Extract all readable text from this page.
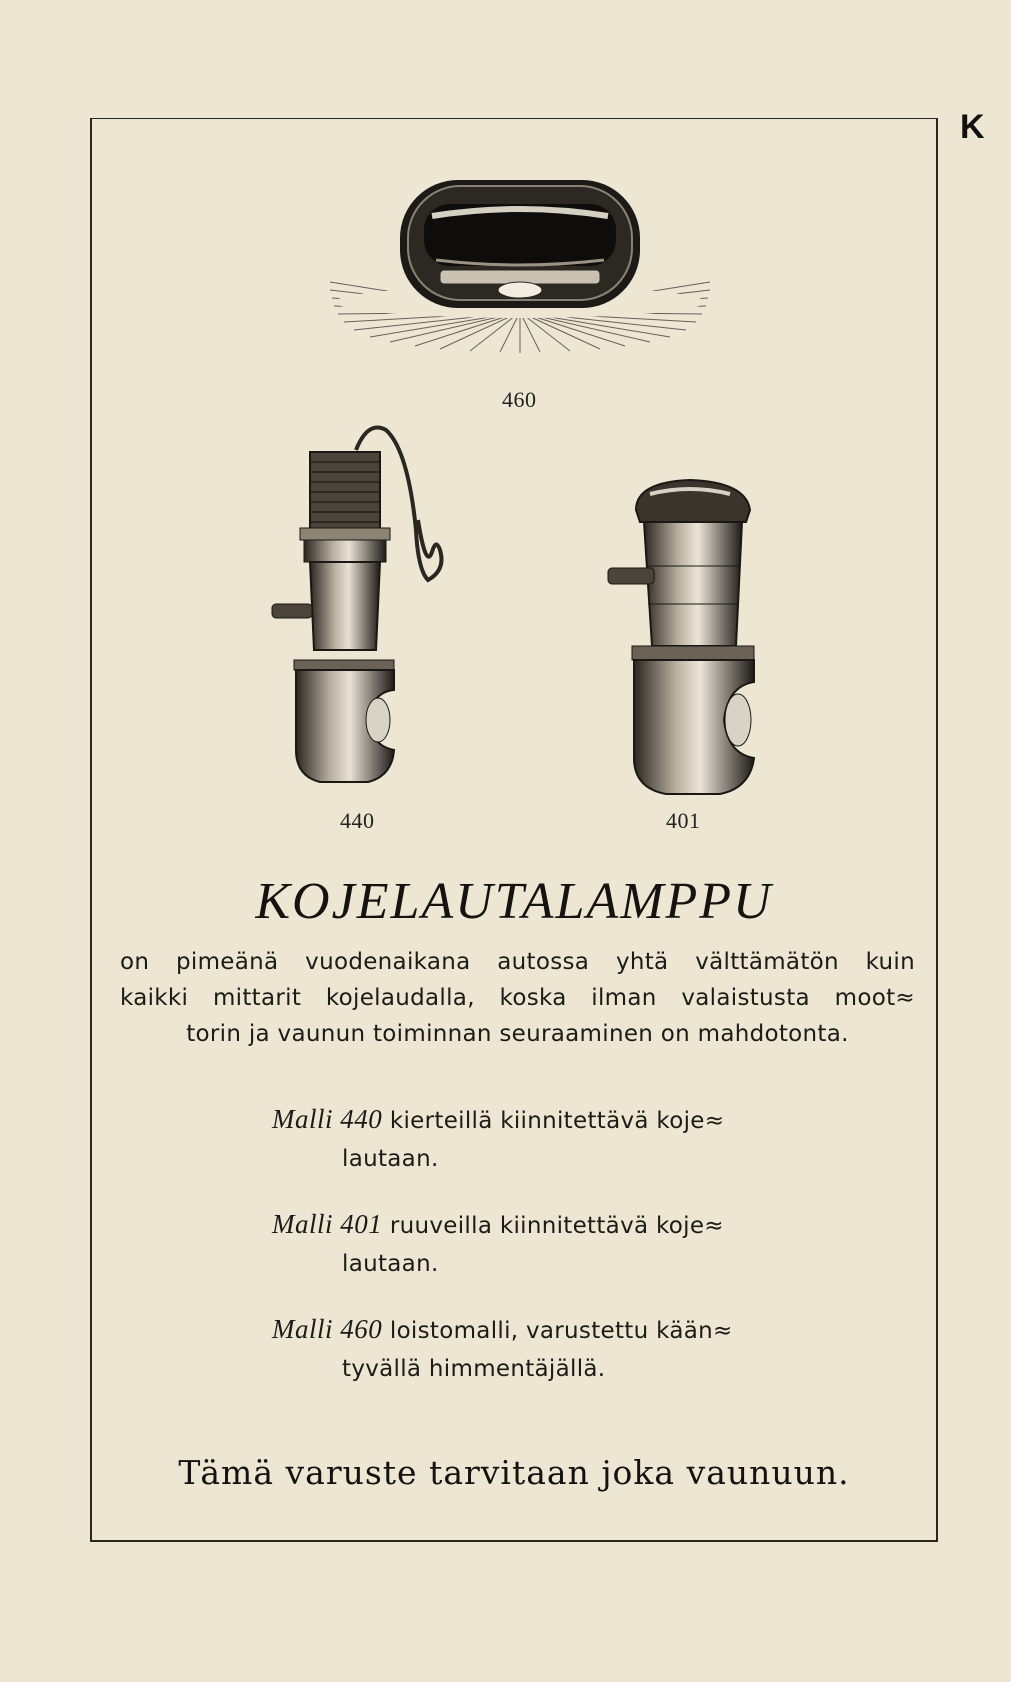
K
460
440	401
KOJELAUTALAMPPU
on pimeänä vuodenaikana autossa yhtä välttämätön kuin
kaikki mittarit kojelaudalla, koska ilman valaistusta moot≈
torin ja vaunun toiminnan seuraaminen on mahdotonta.
Malli 440 kierteillä kiinnitettävä koje≈
lautaan.
Malli 401 ruuveilla kiinnitettävä koje≈
lautaan.
Malli 460 loistomalli, varustettu kään≈
tyvällä himmentäjällä.
Tämä varuste tarvitaan joka vaunuun.
